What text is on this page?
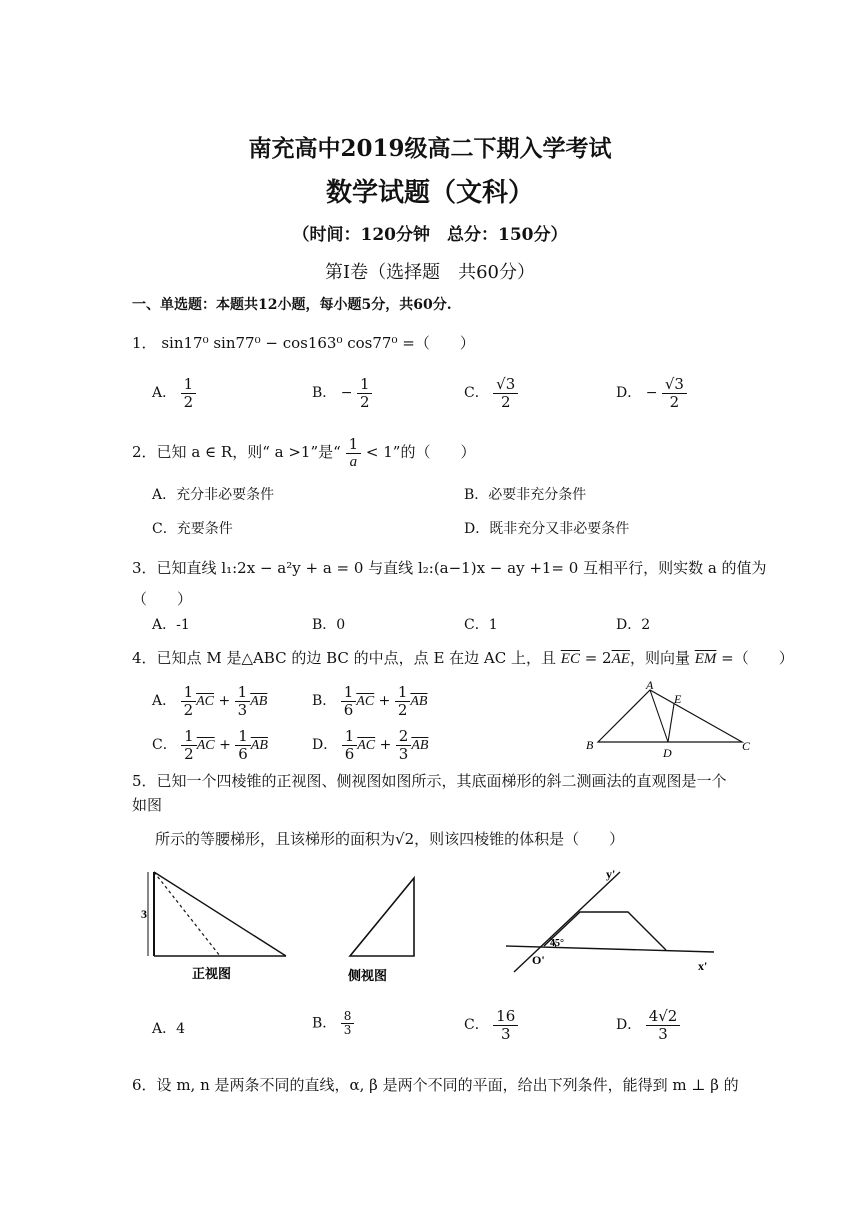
南充高中2019级高二下期入学考试
数学试题（文科）
（时间：120分钟　总分：150分）
第Ⅰ卷（选择题　共60分）
一、单选题：本题共12小题，每小题5分，共60分.
1． sin17⁰ sin77⁰ − cos163⁰ cos77⁰ =（　　）
A． $\frac{1}{2}$	B． − $\frac{1}{2}$	C． $\frac{√3}{2}$	D． − $\frac{√3}{2}$
2．已知 a ∈ R，则“ a >1”是“ $\frac{1}{a} < 1$”的（　　）
A．充分非必要条件	B．必要非充分条件
C．充要条件	D．既非充分又非必要条件
3．已知直线 l₁:2x − a²y + a = 0 与直线 l₂:(a−1)x − ay +1= 0 互相平行，则实数 a 的值为
（　　）
A．-1	B．0	C．1	D．2
4．已知点 M 是△ABC 的边 BC 的中点，点 E 在边 AC 上，且 $\overline{EC} = 2\overline{AE}$，则向量 $\overline{EM}$ =（　　）
A． $\frac{1}{2} \overline{AC} + \frac{1}{3} \overline{AB}$	B． $\frac{1}{6} \overline{AC} + \frac{1}{2} \overline{AB}$
C． $\frac{1}{2} \overline{AC} + \frac{1}{6} \overline{AB}$	D． $\frac{1}{6} \overline{AC} + \frac{2}{3} \overline{AB}$
A
E
B
D	C
5．已知一个四棱锥的正视图、侧视图如图所示，其底面梯形的斜二测画法的直观图是一个
如图
所示的等腰梯形，且该梯形的面积为√2，则该四棱锥的体积是（　　）
3
正视图	侧视图
y'
x'
O'
45°
A．4	B． $\frac{8}{3}$	C． $\frac{16}{3}$	D． $\frac{4√2}{3}$
6．设 m, n 是两条不同的直线，α, β 是两个不同的平面，给出下列条件，能得到 m ⊥ β 的
